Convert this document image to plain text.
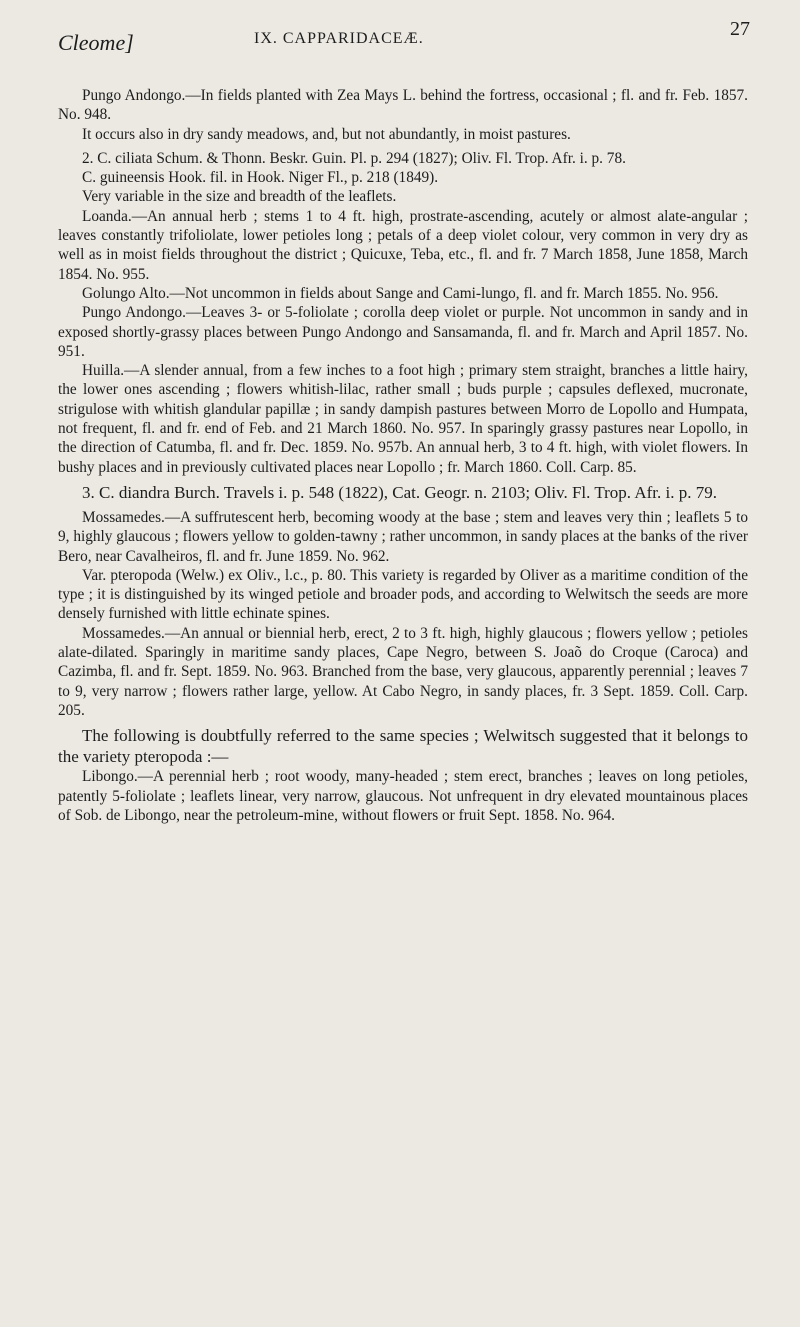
Cleome]	IX. CAPPARIDACEÆ.	27

Pungo Andongo.—In fields planted with Zea Mays L. behind the fortress, occasional ; fl. and fr. Feb. 1857. No. 948.

It occurs also in dry sandy meadows, and, but not abundantly, in moist pastures.

2. C. ciliata Schum. & Thonn. Beskr. Guin. Pl. p. 294 (1827); Oliv. Fl. Trop. Afr. i. p. 78.

C. guineensis Hook. fil. in Hook. Niger Fl., p. 218 (1849).

Very variable in the size and breadth of the leaflets.

Loanda.—An annual herb ; stems 1 to 4 ft. high, prostrate-ascending, acutely or almost alate-angular ; leaves constantly trifoliolate, lower petioles long ; petals of a deep violet colour, very common in very dry as well as in moist fields throughout the district ; Quicuxe, Teba, etc., fl. and fr. 7 March 1858, June 1858, March 1854. No. 955.

Golungo Alto.—Not uncommon in fields about Sange and Cami-lungo, fl. and fr. March 1855. No. 956.

Pungo Andongo.—Leaves 3- or 5-foliolate ; corolla deep violet or purple. Not uncommon in sandy and in exposed shortly-grassy places between Pungo Andongo and Sansamanda, fl. and fr. March and April 1857. No. 951.

Huilla.—A slender annual, from a few inches to a foot high ; primary stem straight, branches a little hairy, the lower ones ascending ; flowers whitish-lilac, rather small ; buds purple ; capsules deflexed, mucronate, strigulose with whitish glandular papillæ ; in sandy dampish pastures between Morro de Lopollo and Humpata, not frequent, fl. and fr. end of Feb. and 21 March 1860. No. 957. In sparingly grassy pastures near Lopollo, in the direction of Catumba, fl. and fr. Dec. 1859. No. 957b. An annual herb, 3 to 4 ft. high, with violet flowers. In bushy places and in previously cultivated places near Lopollo ; fr. March 1860. Coll. Carp. 85.

3. C. diandra Burch. Travels i. p. 548 (1822), Cat. Geogr. n. 2103; Oliv. Fl. Trop. Afr. i. p. 79.

Mossamedes.—A suffrutescent herb, becoming woody at the base ; stem and leaves very thin ; leaflets 5 to 9, highly glaucous ; flowers yellow to golden-tawny ; rather uncommon, in sandy places at the banks of the river Bero, near Cavalheiros, fl. and fr. June 1859. No. 962.

Var. pteropoda (Welw.) ex Oliv., l.c., p. 80. This variety is regarded by Oliver as a maritime condition of the type ; it is distinguished by its winged petiole and broader pods, and according to Welwitsch the seeds are more densely furnished with little echinate spines.

Mossamedes.—An annual or biennial herb, erect, 2 to 3 ft. high, highly glaucous ; flowers yellow ; petioles alate-dilated. Sparingly in maritime sandy places, Cape Negro, between S. Joaõ do Croque (Caroca) and Cazimba, fl. and fr. Sept. 1859. No. 963. Branched from the base, very glaucous, apparently perennial ; leaves 7 to 9, very narrow ; flowers rather large, yellow. At Cabo Negro, in sandy places, fr. 3 Sept. 1859. Coll. Carp. 205.

The following is doubtfully referred to the same species ; Welwitsch suggested that it belongs to the variety pteropoda :—

Libongo.—A perennial herb ; root woody, many-headed ; stem erect, branches ; leaves on long petioles, patently 5-foliolate ; leaflets linear, very narrow, glaucous. Not unfrequent in dry elevated mountainous places of Sob. de Libongo, near the petroleum-mine, without flowers or fruit Sept. 1858. No. 964.
